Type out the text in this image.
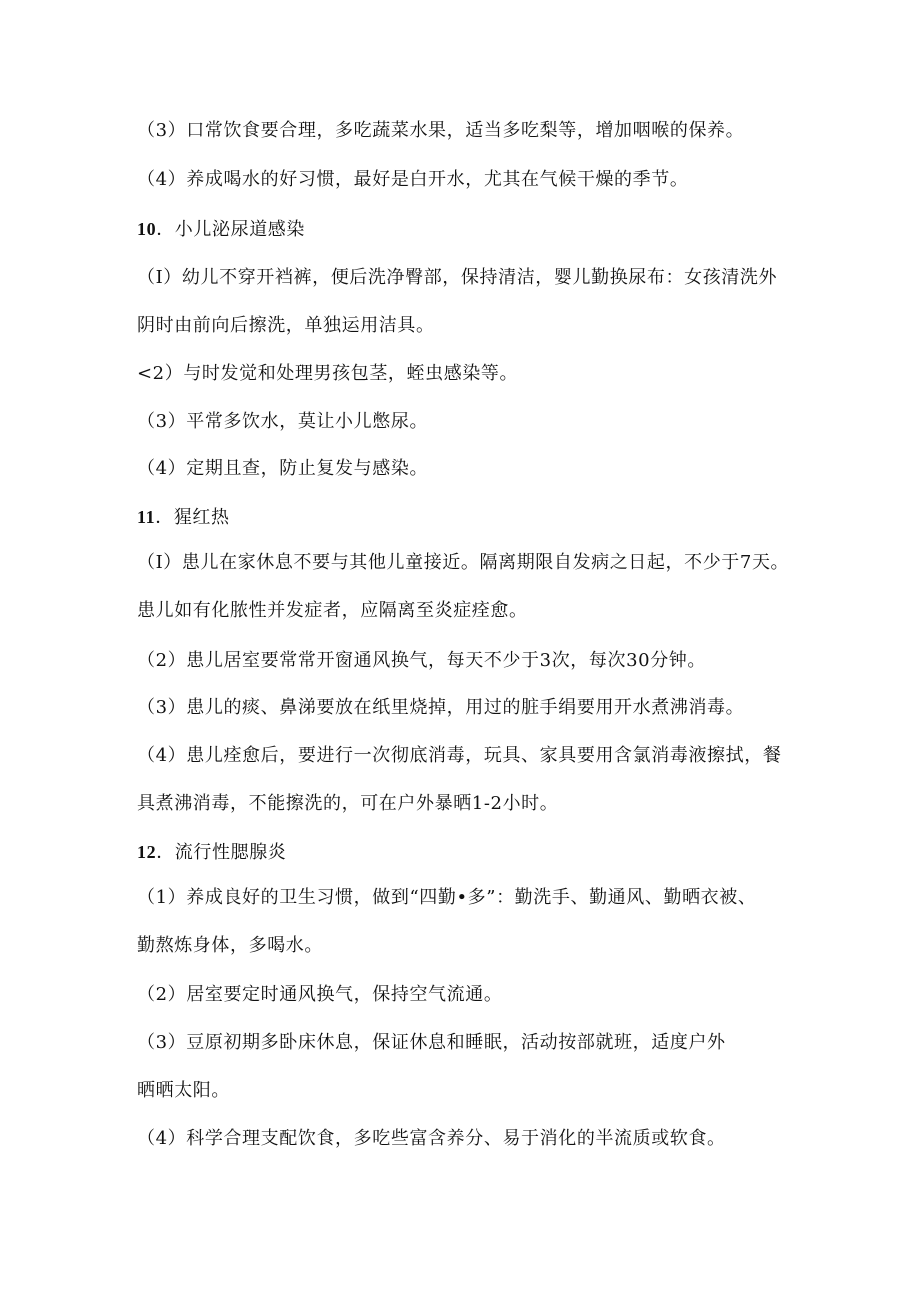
（3）口常饮食要合理，多吃蔬菜水果，适当多吃梨等，增加咽喉的保养。
（4）养成喝水的好习惯，最好是白开水，尤其在气候干燥的季节。
10．小儿泌尿道感染
（I）幼儿不穿开裆裤，便后洗净臀部，保持清洁，婴儿勤换尿布：女孩清洗外
阴时由前向后擦洗，单独运用洁具。
<2）与时发觉和处理男孩包茎，蛭虫感染等。
（3）平常多饮水，莫让小儿憋尿。
（4）定期且查，防止复发与感染。
11．猩红热
（I）患儿在家休息不要与其他儿童接近。隔离期限自发病之日起，不少于7天。
患儿如有化脓性并发症者，应隔离至炎症痊愈。
（2）患儿居室要常常开窗通风换气，每天不少于3次，每次30分钟。
（3）患儿的痰、鼻涕要放在纸里烧掉，用过的脏手绢要用开水煮沸消毒。
（4）患儿痊愈后，要进行一次彻底消毒，玩具、家具要用含氯消毒液擦拭，餐
具煮沸消毒，不能擦洗的，可在户外暴晒1-2小时。
12．流行性腮腺炎
（1）养成良好的卫生习惯，做到“四勤•多”：勤洗手、勤通风、勤晒衣被、
勤熬炼身体，多喝水。
（2）居室要定时通风换气，保持空气流通。
（3）豆原初期多卧床休息，保证休息和睡眠，活动按部就班，适度户外
晒晒太阳。
（4）科学合理支配饮食，多吃些富含养分、易于消化的半流质或软食。
